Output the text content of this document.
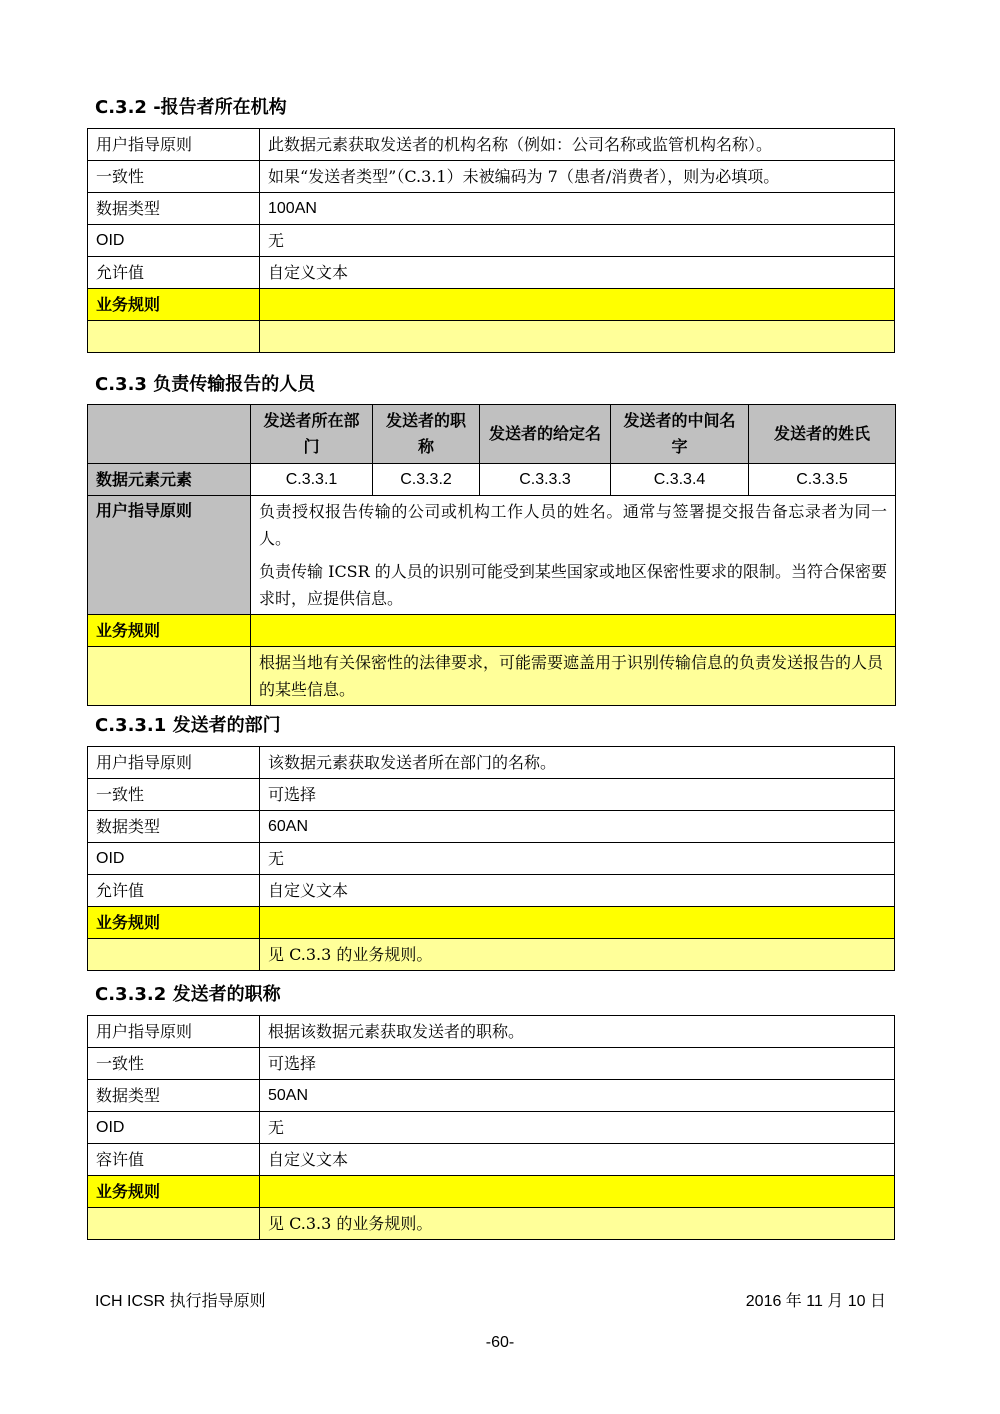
C.3.2 -报告者所在机构
用户指导原则	此数据元素获取发送者的机构名称（例如：公司名称或监管机构名称）。
一致性	如果“发送者类型”（C.3.1）未被编码为 7（患者/消费者），则为必填项。
数据类型	100AN
OID	无
允许值	自定义文本
业务规则	

C.3.3 负责传输报告的人员
	发送者所在部门	发送者的职称	发送者的给定名	发送者的中间名字	发送者的姓氏
数据元素元素	C.3.3.1	C.3.3.2	C.3.3.3	C.3.3.4	C.3.3.5
用户指导原则	负责授权报告传输的公司或机构工作人员的姓名。通常与签署提交报告备忘录者为同一人。

负责传输 ICSR 的人员的识别可能受到某些国家或地区保密性要求的限制。当符合保密要求时，应提供信息。				

业务规则					
	根据当地有关保密性的法律要求，可能需要遮盖用于识别传输信息的负责发送报告的人员的某些信息。				
C.3.3.1 发送者的部门
用户指导原则	该数据元素获取发送者所在部门的名称。
一致性	可选择
数据类型	60AN
OID	无
允许值	自定义文本
业务规则	
	见 C.3.3 的业务规则。
C.3.3.2 发送者的职称
用户指导原则	根据该数据元素获取发送者的职称。
一致性	可选择
数据类型	50AN
OID	无
容许值	自定义文本
业务规则	
	见 C.3.3 的业务规则。
ICH ICSR 执行指导原则	2016 年 11 月 10 日
-60-
